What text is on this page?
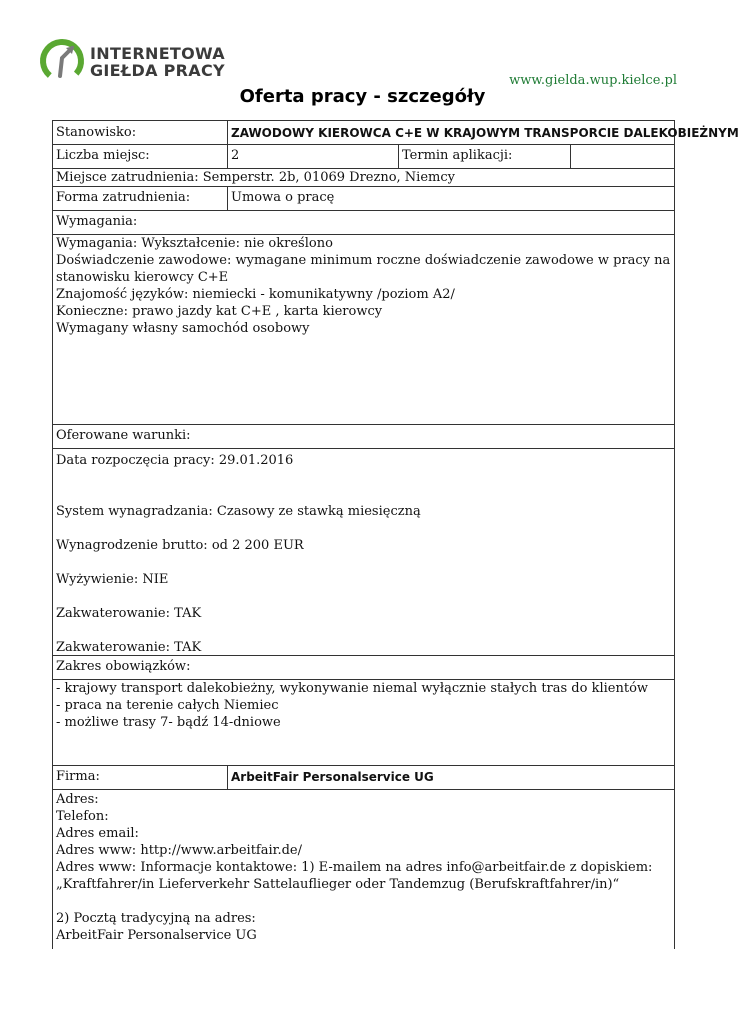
INTERNETOWA
GIEŁDA PRACY
www.gielda.wup.kielce.pl
Oferta pracy - szczegóły
Stanowisko:	ZAWODOWY KIEROWCA C+E W KRAJOWYM TRANSPORCIE DALEKOBIEŻNYM
Liczba miejsc:	2	Termin aplikacji:
Miejsce zatrudnienia: Semperstr. 2b, 01069 Drezno, Niemcy
Forma zatrudnienia:	Umowa o pracę
Wymagania:
Wymagania: Wykształcenie: nie określono
Doświadczenie zawodowe: wymagane minimum roczne doświadczenie zawodowe w pracy na
stanowisku kierowcy C+E
Znajomość języków: niemiecki - komunikatywny /poziom A2/
Konieczne: prawo jazdy kat C+E , karta kierowcy
Wymagany własny samochód osobowy
Oferowane warunki:
Data rozpoczęcia pracy: 29.01.2016
System wynagradzania: Czasowy ze stawką miesięczną
Wynagrodzenie brutto: od 2 200 EUR
Wyżywienie: NIE
Zakwaterowanie: TAK
Zakwaterowanie: TAK
Zakres obowiązków:
- krajowy transport dalekobieżny, wykonywanie niemal wyłącznie stałych tras do klientów
- praca na terenie całych Niemiec
- możliwe trasy 7- bądź 14-dniowe
Firma:	ArbeitFair Personalservice UG
Adres:
Telefon:
Adres email:
Adres www: http://www.arbeitfair.de/
Adres www: Informacje kontaktowe: 1) E-mailem na adres info@arbeitfair.de z dopiskiem:
„Kraftfahrer/in Lieferverkehr Sattelauflieger oder Tandemzug (Berufskraftfahrer/in)“
2) Pocztą tradycyjną na adres:
ArbeitFair Personalservice UG
